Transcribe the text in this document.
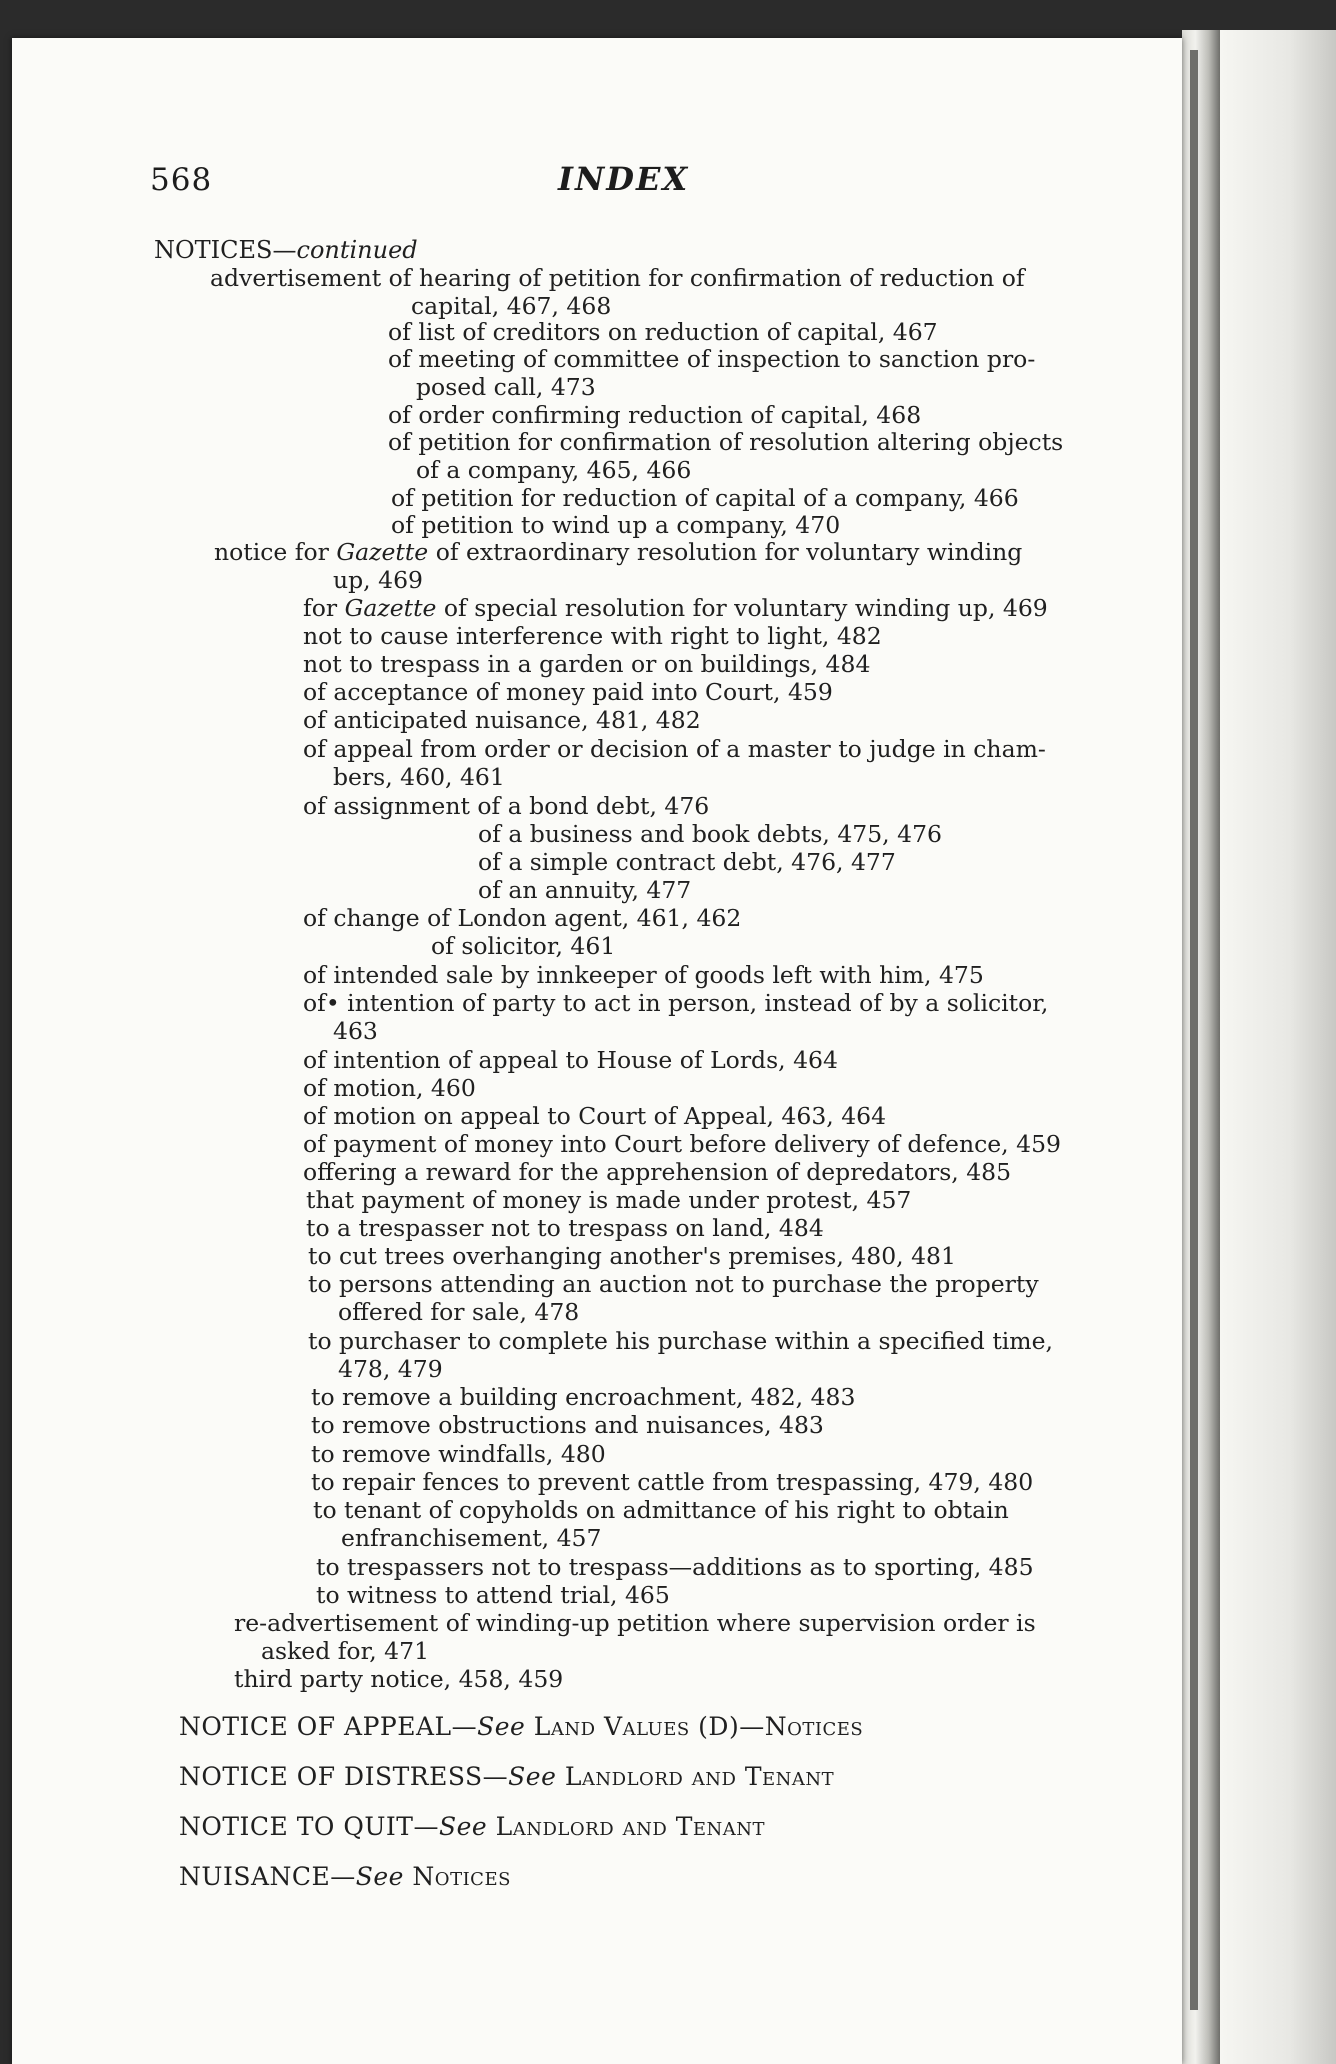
568	INDEX
NOTICES—continued
advertisement of hearing of petition for confirmation of reduction of
capital, 467, 468
of list of creditors on reduction of capital, 467
of meeting of committee of inspection to sanction pro-
posed call, 473
of order confirming reduction of capital, 468
of petition for confirmation of resolution altering objects
of a company, 465, 466
of petition for reduction of capital of a company, 466
of petition to wind up a company, 470
notice for Gazette of extraordinary resolution for voluntary winding
up, 469
for Gazette of special resolution for voluntary winding up, 469
not to cause interference with right to light, 482
not to trespass in a garden or on buildings, 484
of acceptance of money paid into Court, 459
of anticipated nuisance, 481, 482
of appeal from order or decision of a master to judge in cham-
bers, 460, 461
of assignment of a bond debt, 476
of a business and book debts, 475, 476
of a simple contract debt, 476, 477
of an annuity, 477
of change of London agent, 461, 462
of solicitor, 461
of intended sale by innkeeper of goods left with him, 475
of• intention of party to act in person, instead of by a solicitor,
463
of intention of appeal to House of Lords, 464
of motion, 460
of motion on appeal to Court of Appeal, 463, 464
of payment of money into Court before delivery of defence, 459
offering a reward for the apprehension of depredators, 485
that payment of money is made under protest, 457
to a trespasser not to trespass on land, 484
to cut trees overhanging another's premises, 480, 481
to persons attending an auction not to purchase the property
offered for sale, 478
to purchaser to complete his purchase within a specified time,
478, 479
to remove a building encroachment, 482, 483
to remove obstructions and nuisances, 483
to remove windfalls, 480
to repair fences to prevent cattle from trespassing, 479, 480
to tenant of copyholds on admittance of his right to obtain
enfranchisement, 457
to trespassers not to trespass—additions as to sporting, 485
to witness to attend trial, 465
re-advertisement of winding-up petition where supervision order is
asked for, 471
third party notice, 458, 459
NOTICE OF APPEAL—See Land Values (D)—Notices
NOTICE OF DISTRESS—See Landlord and Tenant
NOTICE TO QUIT—See Landlord and Tenant
NUISANCE—See Notices
